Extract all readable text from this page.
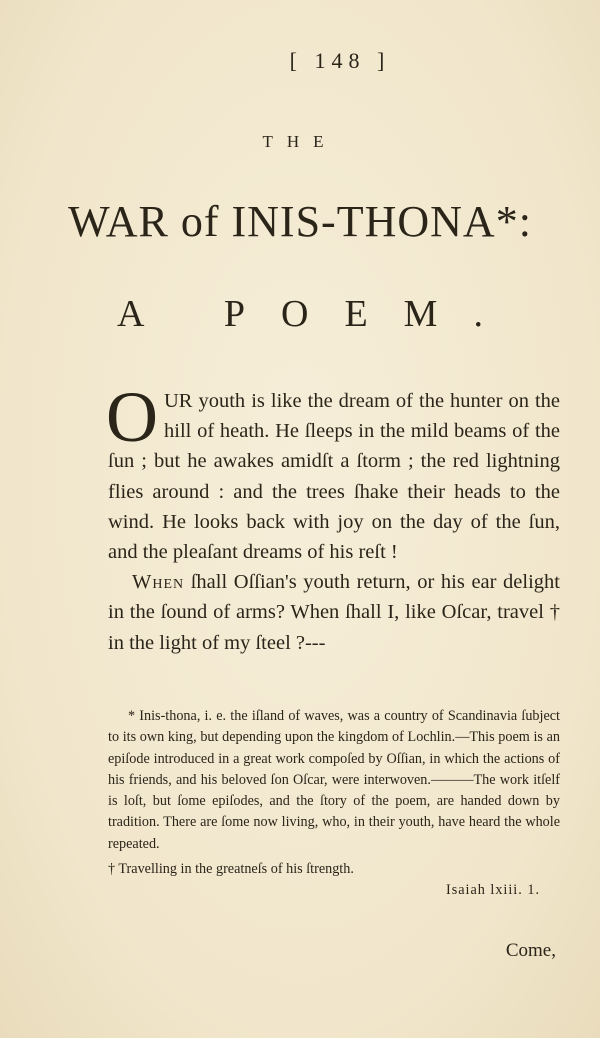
[ 148 ]
THE
WAR of INIS-THONA*:
A POEM.
O UR youth is like the dream of the hunter on the hill of heath. He ſleeps in the mild beams of the ſun ; but he awakes amidſt a ſtorm ; the red lightning flies around : and the trees ſhake their heads to the wind. He looks back with joy on the day of the ſun, and the pleaſant dreams of his reſt !
When ſhall Oſſian's youth return, or his ear delight in the ſound of arms? When ſhall I, like Oſcar, travel † in the light of my ſteel ?---
* Inis-thona, i. e. the iſland of waves, was a country of Scandinavia ſubject to its own king, but depending upon the kingdom of Lochlin.—This poem is an epiſode introduced in a great work compoſed by Oſſian, in which the actions of his friends, and his beloved ſon Oſcar, were interwoven.———The work itſelf is loſt, but ſome epiſodes, and the ſtory of the poem, are handed down by tradition. There are ſome now living, who, in their youth, have heard the whole repeated.
† Travelling in the greatneſs of his ſtrength.
Isaiah lxiii. 1.
Come,
